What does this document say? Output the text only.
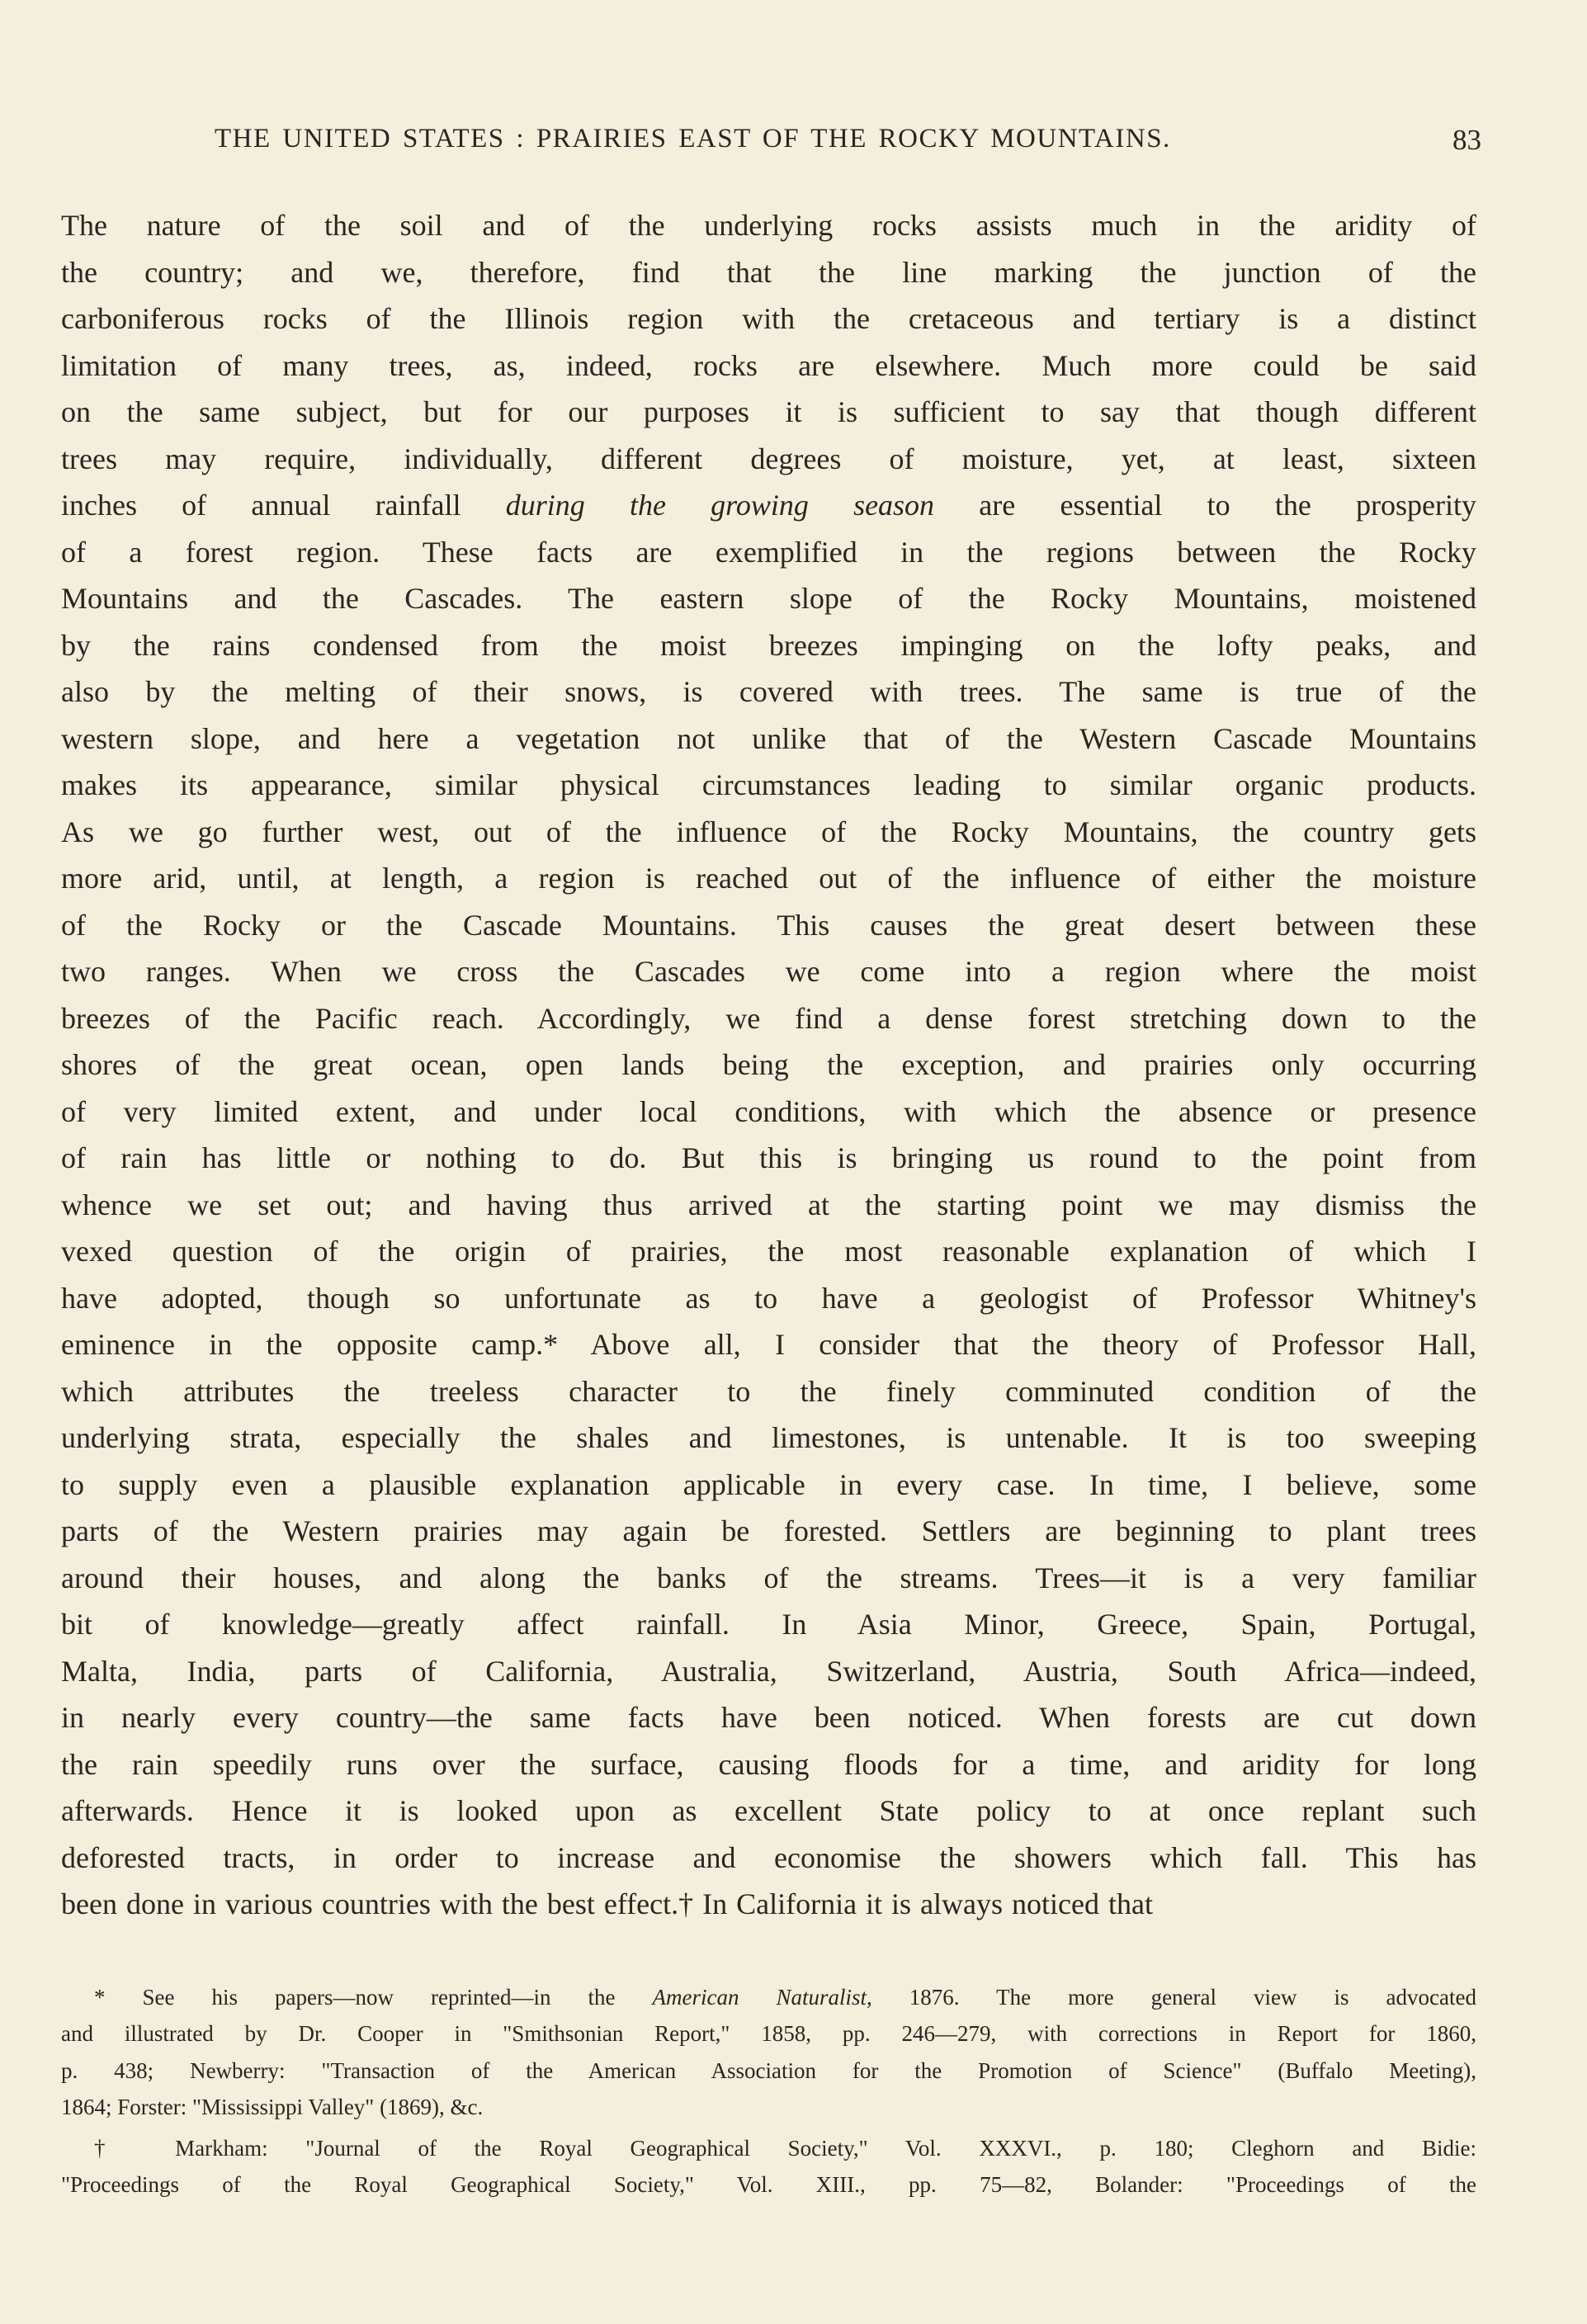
THE UNITED STATES : PRAIRIES EAST OF THE ROCKY MOUNTAINS.	83
The nature of the soil and of the underlying rocks assists much in the aridity of
the country; and we, therefore, find that the line marking the junction of the
carboniferous rocks of the Illinois region with the cretaceous and tertiary is a distinct
limitation of many trees, as, indeed, rocks are elsewhere. Much more could be said
on the same subject, but for our purposes it is sufficient to say that though different
trees may require, individually, different degrees of moisture, yet, at least, sixteen
inches of annual rainfall during the growing season are essential to the prosperity
of a forest region. These facts are exemplified in the regions between the Rocky
Mountains and the Cascades. The eastern slope of the Rocky Mountains, moistened
by the rains condensed from the moist breezes impinging on the lofty peaks, and
also by the melting of their snows, is covered with trees. The same is true of the
western slope, and here a vegetation not unlike that of the Western Cascade Mountains
makes its appearance, similar physical circumstances leading to similar organic products.
As we go further west, out of the influence of the Rocky Mountains, the country gets
more arid, until, at length, a region is reached out of the influence of either the moisture
of the Rocky or the Cascade Mountains. This causes the great desert between these
two ranges. When we cross the Cascades we come into a region where the moist
breezes of the Pacific reach. Accordingly, we find a dense forest stretching down to the
shores of the great ocean, open lands being the exception, and prairies only occurring
of very limited extent, and under local conditions, with which the absence or presence
of rain has little or nothing to do. But this is bringing us round to the point from
whence we set out; and having thus arrived at the starting point we may dismiss the
vexed question of the origin of prairies, the most reasonable explanation of which I
have adopted, though so unfortunate as to have a geologist of Professor Whitney's
eminence in the opposite camp.* Above all, I consider that the theory of Professor Hall,
which attributes the treeless character to the finely comminuted condition of the
underlying strata, especially the shales and limestones, is untenable. It is too sweeping
to supply even a plausible explanation applicable in every case. In time, I believe, some
parts of the Western prairies may again be forested. Settlers are beginning to plant trees
around their houses, and along the banks of the streams. Trees—it is a very familiar
bit of knowledge—greatly affect rainfall. In Asia Minor, Greece, Spain, Portugal,
Malta, India, parts of California, Australia, Switzerland, Austria, South Africa—indeed,
in nearly every country—the same facts have been noticed. When forests are cut down
the rain speedily runs over the surface, causing floods for a time, and aridity for long
afterwards. Hence it is looked upon as excellent State policy to at once replant such
deforested tracts, in order to increase and economise the showers which fall. This has
been done in various countries with the best effect.† In California it is always noticed that
* See his papers—now reprinted—in the American Naturalist, 1876. The more general view is advocated
and illustrated by Dr. Cooper in "Smithsonian Report," 1858, pp. 246—279, with corrections in Report for 1860,
p. 438; Newberry: "Transaction of the American Association for the Promotion of Science" (Buffalo Meeting),
1864; Forster: "Mississippi Valley" (1869), &c.
† Markham: "Journal of the Royal Geographical Society," Vol. XXXVI., p. 180; Cleghorn and Bidie:
"Proceedings of the Royal Geographical Society," Vol. XIII., pp. 75—82, Bolander: "Proceedings of the
